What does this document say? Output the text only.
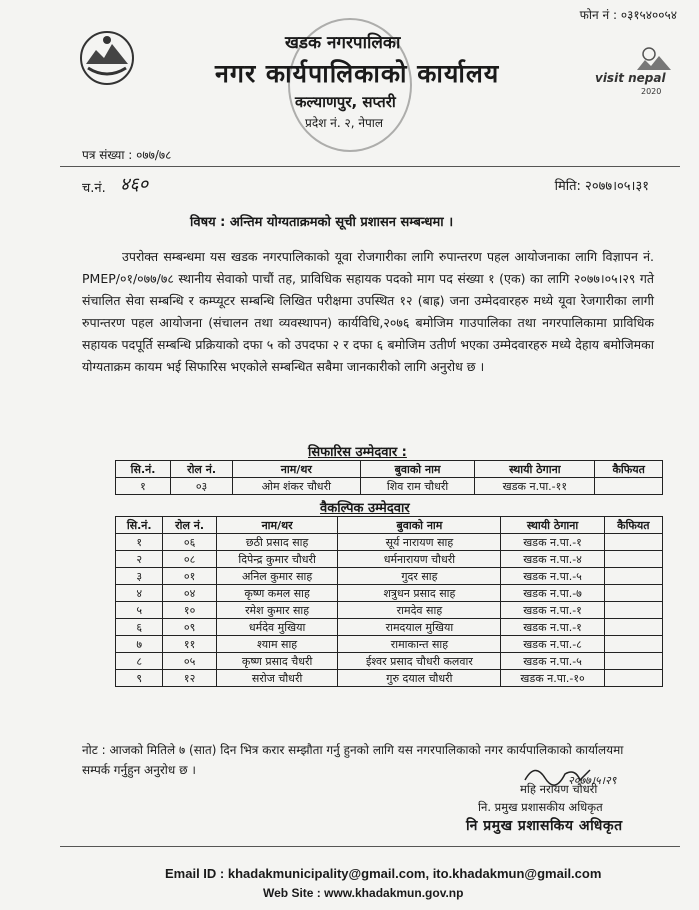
फोन नं : ०३१५४००५४
visit nepal
2020
खडक नगरपालिका
नगर कार्यपालिकाको कार्यालय
कल्याणपुर, सप्तरी
प्रदेश नं. २, नेपाल
पत्र संख्या : ०७७/७८
च.नं. ४६०	मिति: २०७७।०५।३१
विषय : अन्तिम योग्यताक्रमको सूची प्रशासन सम्बन्धमा ।

उपरोक्त सम्बन्धमा यस खडक नगरपालिकाको यूवा रोजगारीका लागि रुपान्तरण पहल आयोजनाका लागि विज्ञापन नं. PMEP/०१/०७७/७८ स्थानीय सेवाको पाचौं तह, प्राविधिक सहायक पदको माग पद संख्या १ (एक) का लागि २०७७।०५।२९ गते संचालित सेवा सम्बन्धि र कम्प्यूटर सम्बन्धि लिखित परीक्षमा उपस्थित १२ (बाह्र) जना उम्मेदवारहरु मध्ये यूवा रेजगारीका लागी रुपान्तरण पहल आयोजना (संचालन तथा व्यवस्थापन) कार्यविधि,२०७६ बमोजिम गाउपालिका तथा नगरपालिकामा प्राविधिक सहायक पदपूर्ति सम्बन्धि प्रक्रियाको दफा ५ को उपदफा २ र दफा ६ बमोजिम उतीर्ण भएका उम्मेदवारहरु मध्ये देहाय बमोजिमका योग्यताक्रम कायम भई सिफारिस भएकोले सम्बन्धित सबैमा जानकारीको लागि अनुरोध छ ।

सिफारिस उम्मेदवार :
सि.नं.	रोल नं.	नाम/थर	बुवाको नाम	स्थायी ठेगाना	कैफियत
१	०३	ओम शंकर चौधरी	शिव राम चौधरी	खडक न.पा.-११	
वैकल्पिक उम्मेदवार
सि.नं.	रोल नं.	नाम/थर	बुवाको नाम	स्थायी ठेगाना	कैफियत
१	०६	छठी प्रसाद साह	सूर्य नारायण साह	खडक न.पा.-१	
२	०८	दिपेन्द्र कुमार चौधरी	धर्मनारायण चौधरी	खडक न.पा.-४	
३	०१	अनिल कुमार साह	गुदर साह	खडक न.पा.-५	
४	०४	कृष्ण कमल साह	शत्रुधन प्रसाद साह	खडक न.पा.-७	
५	१०	रमेश कुमार साह	रामदेव साह	खडक न.पा.-१	
६	०९	धर्मदेव मुखिया	रामदयाल मुखिया	खडक न.पा.-१	
७	११	श्याम साह	रामाकान्त साह	खडक न.पा.-८	
८	०५	कृष्ण प्रसाद चैधरी	ईश्वर प्रसाद चौधरी कलवार	खडक न.पा.-५	
९	१२	सरोज चौधरी	गुरु दयाल चौधरी	खडक न.पा.-१०	
नोट : आजको मितिले ७ (सात) दिन भित्र करार सम्झौता गर्नु हुनको लागि यस नगरपालिकाको नगर कार्यपालिकाको कार्यालयमा सम्पर्क गर्नुहुन अनुरोध छ ।
२०७७।५।२९
महि नरायण चौधरी
नि. प्रमुख प्रशासकीय अधिकृत
नि प्रमुख प्रशासकिय अधिकृत
Email ID : khadakmunicipality@gmail.com, ito.khadakmun@gmail.com
Web Site : www.khadakmun.gov.np
